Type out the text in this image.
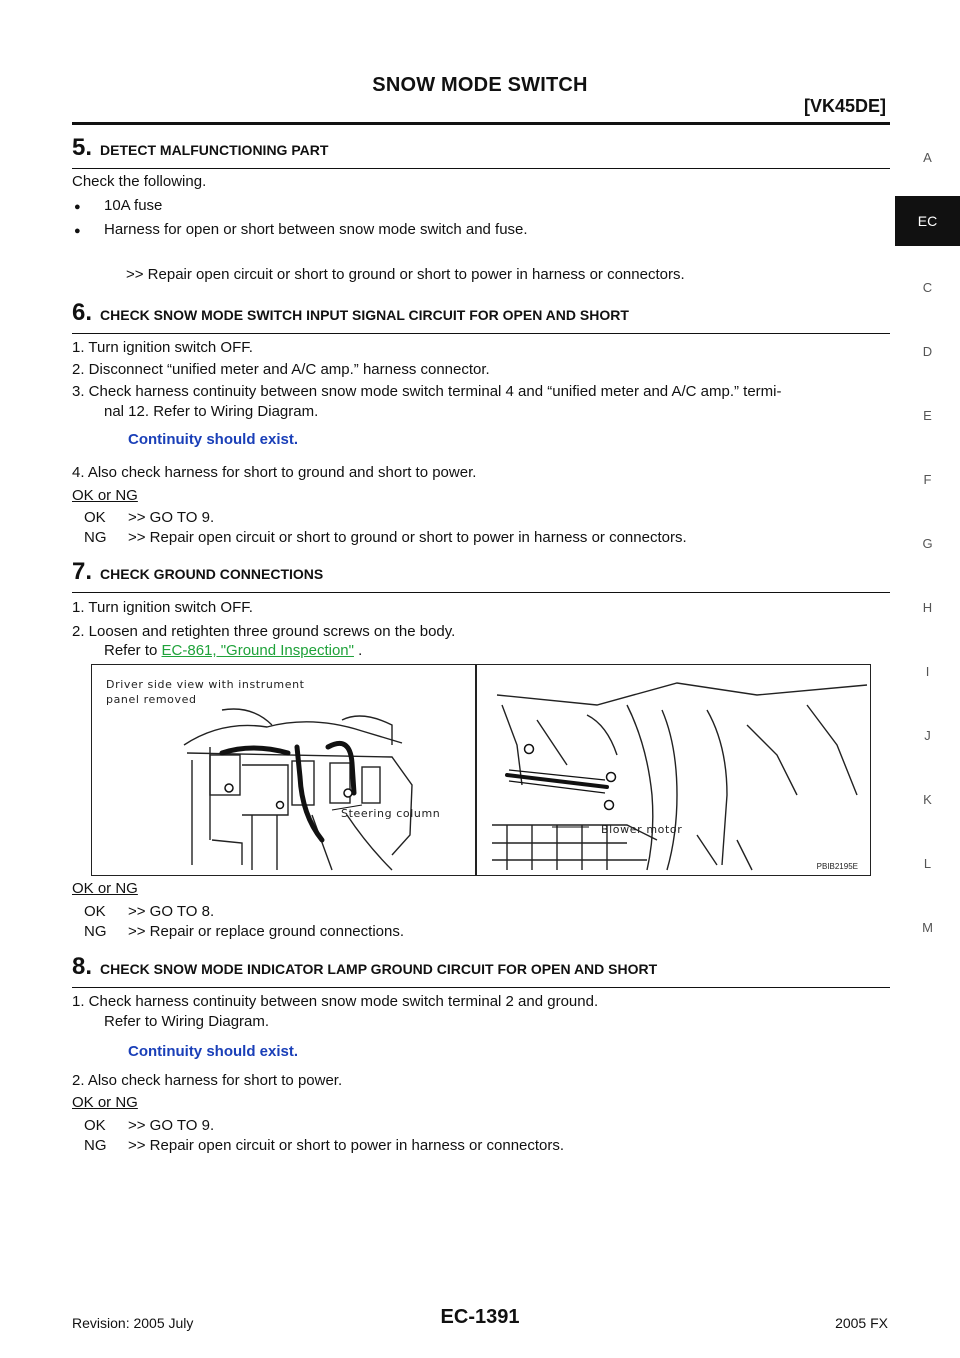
SNOW MODE SWITCH
[VK45DE]
A
EC
C
D
E
F
G
H
I
J
K
L
M
5. DETECT MALFUNCTIONING PART
Check the following.
● 10A fuse
● Harness for open or short between snow mode switch and fuse.
>> Repair open circuit or short to ground or short to power in harness or connectors.
6. CHECK SNOW MODE SWITCH INPUT SIGNAL CIRCUIT FOR OPEN AND SHORT
1. Turn ignition switch OFF.
2. Disconnect “unified meter and A/C amp.” harness connector.
3. Check harness continuity between snow mode switch terminal 4 and “unified meter and A/C amp.” termi-
nal 12. Refer to Wiring Diagram.
Continuity should exist.
4. Also check harness for short to ground and short to power.
OK or NG
OK	>> GO TO 9.
NG	>> Repair open circuit or short to ground or short to power in harness or connectors.
7. CHECK GROUND CONNECTIONS
1. Turn ignition switch OFF.
2. Loosen and retighten three ground screws on the body.
Refer to EC-861, "Ground Inspection" .
Driver side view with instrument
panel removed
Steering column
Blower motor
PBIB2195E
OK or NG
OK	>> GO TO 8.
NG	>> Repair or replace ground connections.
8. CHECK SNOW MODE INDICATOR LAMP GROUND CIRCUIT FOR OPEN AND SHORT
1. Check harness continuity between snow mode switch terminal 2 and ground.
Refer to Wiring Diagram.
Continuity should exist.
2. Also check harness for short to power.
OK or NG
OK	>> GO TO 9.
NG	>> Repair open circuit or short to power in harness or connectors.
Revision: 2005 July	EC-1391	2005 FX
